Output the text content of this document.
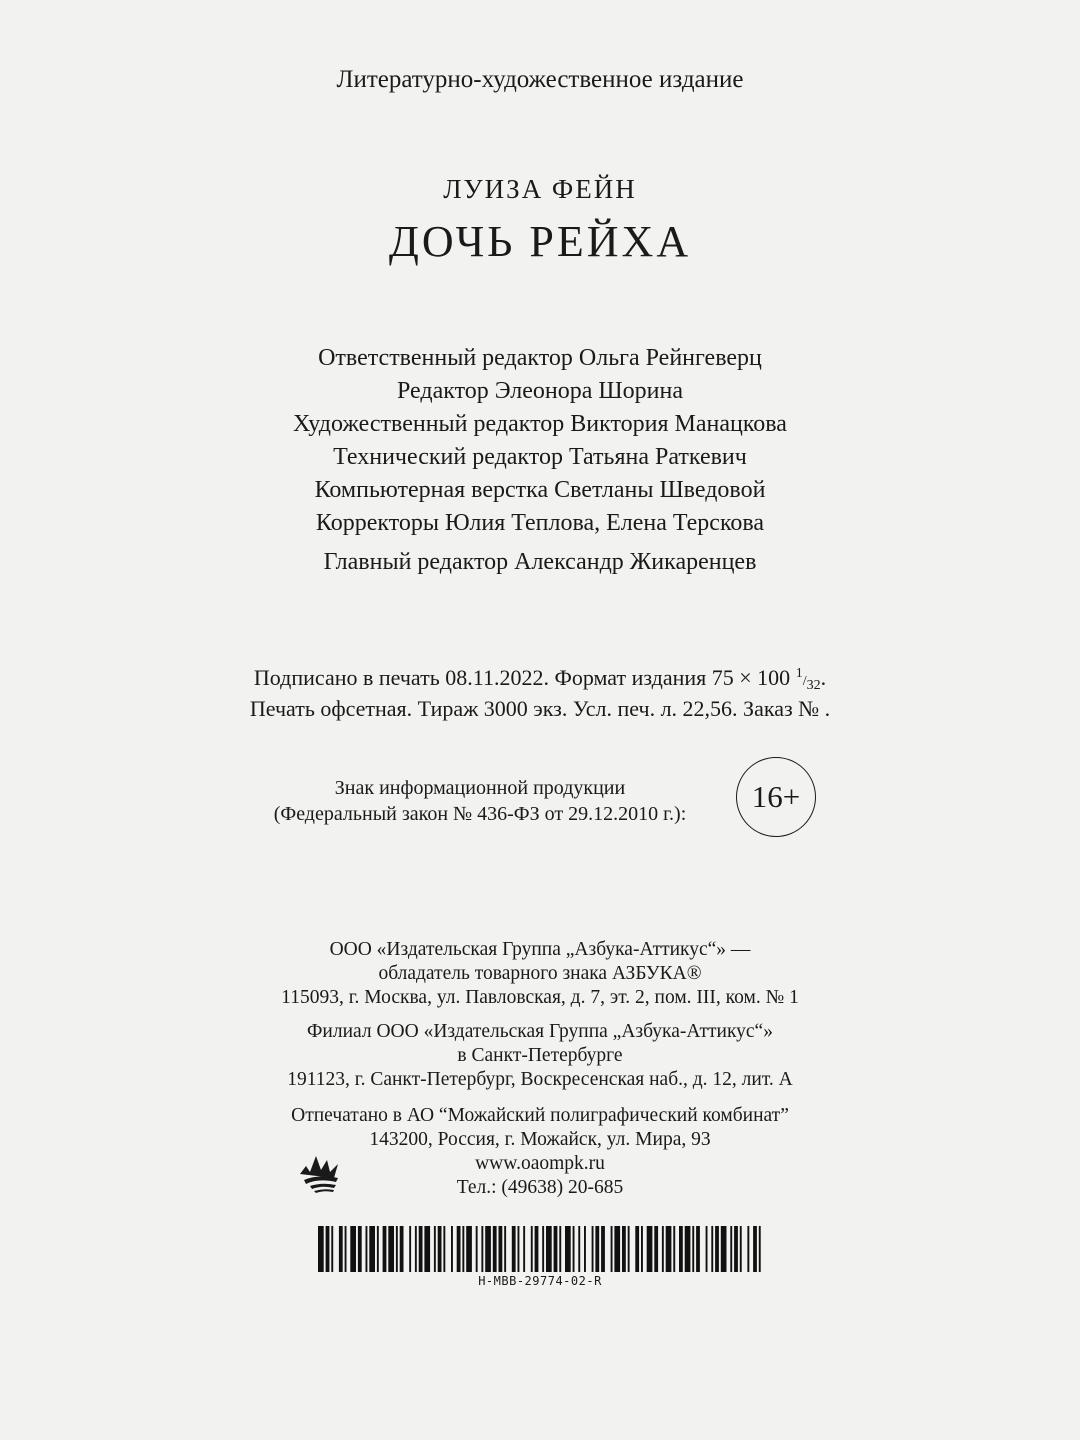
Литературно-художественное издание
ЛУИЗА ФЕЙН
ДОЧЬ РЕЙХА
Ответственный редактор Ольга Рейнгеверц
Редактор Элеонора Шорина
Художественный редактор Виктория Манацкова
Технический редактор Татьяна Раткевич
Компьютерная верстка Светланы Шведовой
Корректоры Юлия Теплова, Елена Терскова
Главный редактор Александр Жикаренцев
Подписано в печать 08.11.2022. Формат издания 75 × 100 1/32.
Печать офсетная. Тираж 3000 экз. Усл. печ. л. 22,56. Заказ № .
Знак информационной продукции
(Федеральный закон № 436-ФЗ от 29.12.2010 г.):	16+
ООО «Издательская Группа „Азбука-Аттикус“» —
обладатель товарного знака АЗБУКА®
115093, г. Москва, ул. Павловская, д. 7, эт. 2, пом. III, ком. № 1
Филиал ООО «Издательская Группа „Азбука-Аттикус“»
в Санкт-Петербурге
191123, г. Санкт-Петербург, Воскресенская наб., д. 12, лит. А
Отпечатано в АО “Можайский полиграфический комбинат”
143200, Россия, г. Можайск, ул. Мира, 93
www.oaompk.ru
Тел.: (49638) 20-685
H-MBB-29774-02-R
